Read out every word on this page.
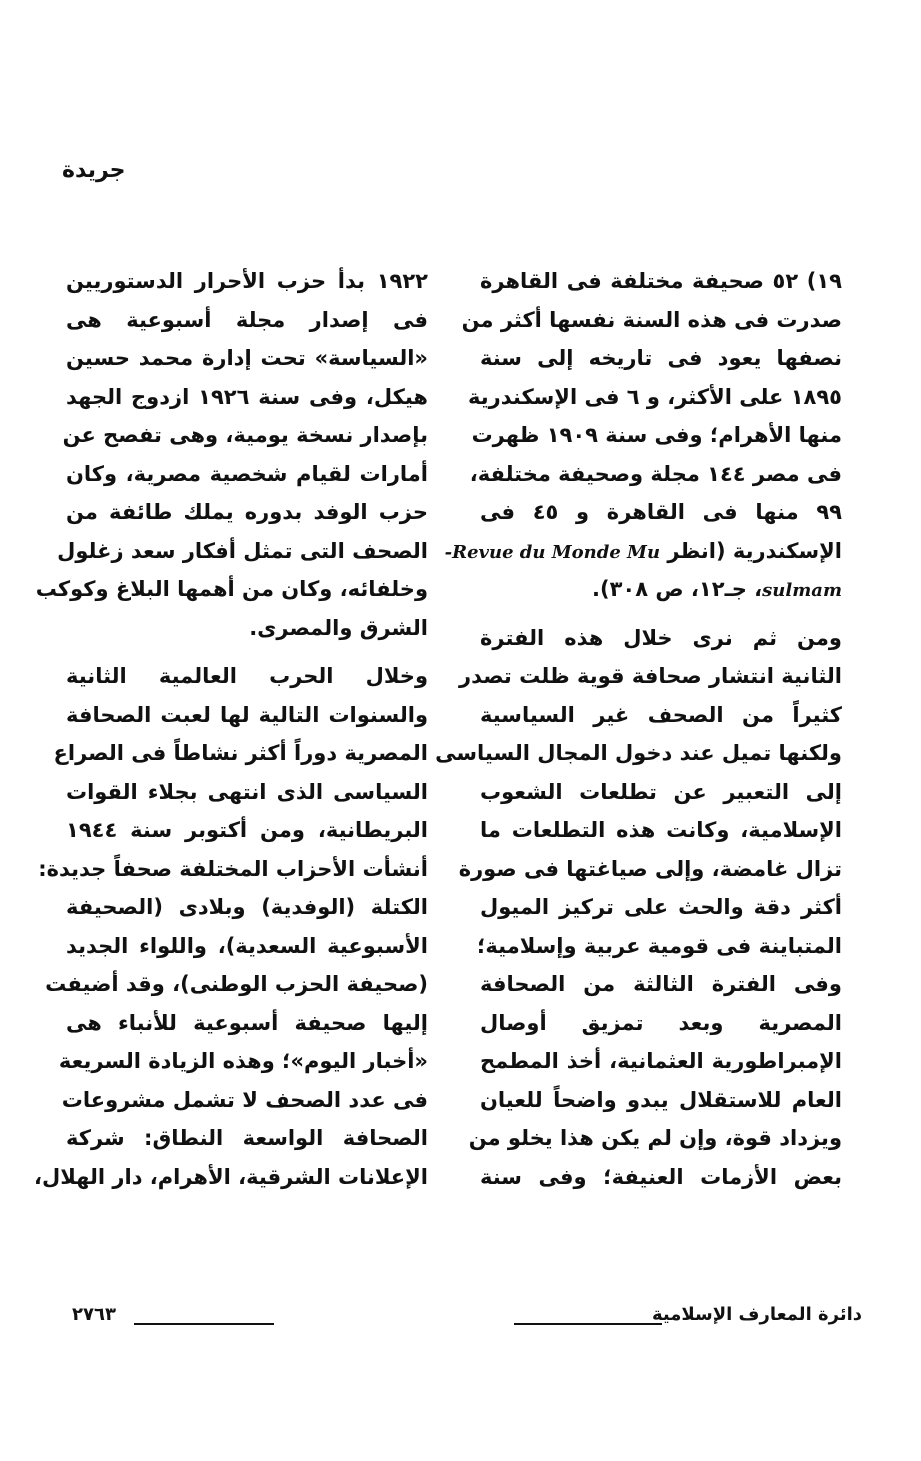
جريدة
١٩) ٥٢ صحيفة مختلفة فى القاهرة
صدرت فى هذه السنة نفسها أكثر من
نصفها يعود فى تاريخه إلى سنة
١٨٩٥ على الأكثر، و ٦ فى الإسكندرية
منها الأهرام؛ وفى سنة ١٩٠٩ ظهرت
فى مصر ١٤٤ مجلة وصحيفة مختلفة،
٩٩ منها فى القاهرة و ٤٥ فى
الإسكندرية (انظر Revue du Monde Mu-
sulmam، جـ١٢، ص ٣٠٨).
ومن ثم نرى خلال هذه الفترة
الثانية انتشار صحافة قوية ظلت تصدر
كثيراً من الصحف غير السياسية
ولكنها تميل عند دخول المجال السياسى
إلى التعبير عن تطلعات الشعوب
الإسلامية، وكانت هذه التطلعات ما
تزال غامضة، وإلى صياغتها فى صورة
أكثر دقة والحث على تركيز الميول
المتباينة فى قومية عربية وإسلامية؛
وفى الفترة الثالثة من الصحافة
المصرية وبعد تمزيق أوصال
الإمبراطورية العثمانية، أخذ المطمح
العام للاستقلال يبدو واضحاً للعيان
ويزداد قوة، وإن لم يكن هذا يخلو من
بعض الأزمات العنيفة؛ وفى سنة
١٩٢٢ بدأ حزب الأحرار الدستوريين
فى إصدار مجلة أسبوعية هى
«السياسة» تحت إدارة محمد حسين
هيكل، وفى سنة ١٩٢٦ ازدوج الجهد
بإصدار نسخة يومية، وهى تفصح عن
أمارات لقيام شخصية مصرية، وكان
حزب الوفد بدوره يملك طائفة من
الصحف التى تمثل أفكار سعد زغلول
وخلفائه، وكان من أهمها البلاغ وكوكب
الشرق والمصرى.
وخلال الحرب العالمية الثانية
والسنوات التالية لها لعبت الصحافة
المصرية دوراً أكثر نشاطاً فى الصراع
السياسى الذى انتهى بجلاء القوات
البريطانية، ومن أكتوبر سنة ١٩٤٤
أنشأت الأحزاب المختلفة صحفاً جديدة:
الكتلة (الوفدية) وبلادى (الصحيفة
الأسبوعية السعدية)، واللواء الجديد
(صحيفة الحزب الوطنى)، وقد أضيفت
إليها صحيفة أسبوعية للأنباء هى
«أخبار اليوم»؛ وهذه الزيادة السريعة
فى عدد الصحف لا تشمل مشروعات
الصحافة الواسعة النطاق: شركة
الإعلانات الشرقية، الأهرام، دار الهلال،
دائرة المعارف الإسلامية
٢٧٦٣
